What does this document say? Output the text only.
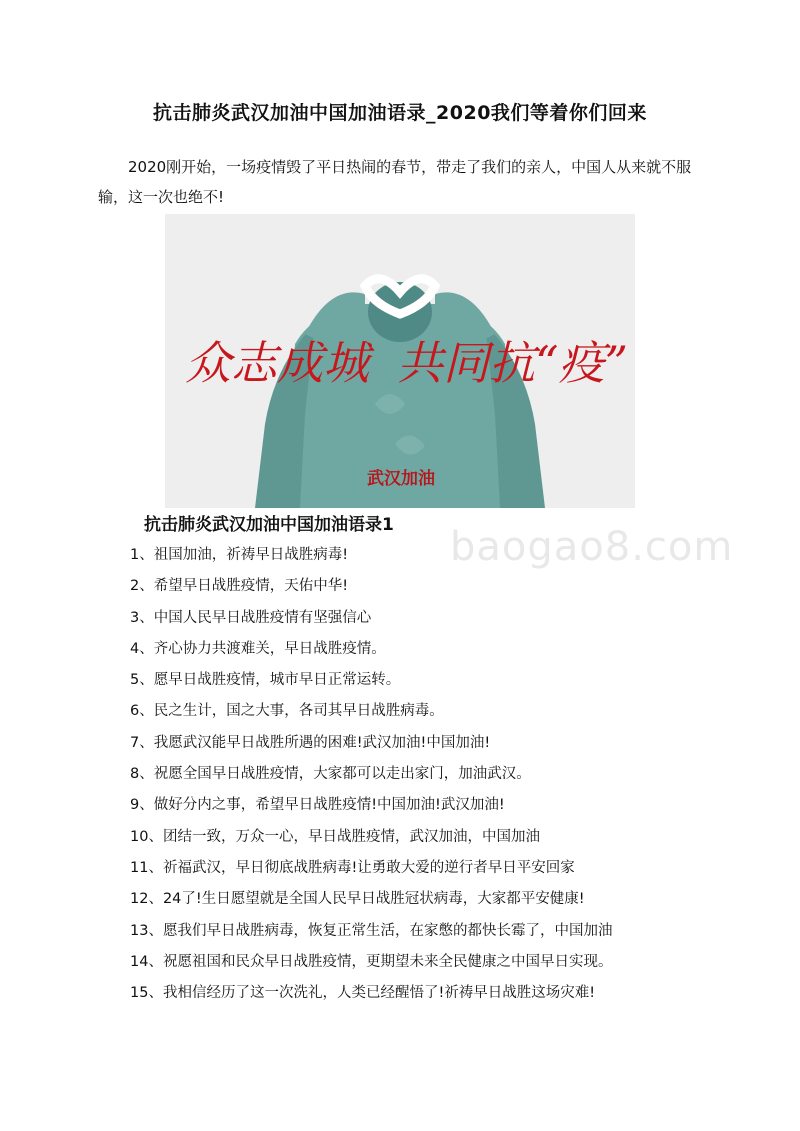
抗击肺炎武汉加油中国加油语录_2020我们等着你们回来
2020刚开始，一场疫情毁了平日热闹的春节，带走了我们的亲人，中国人从来就不服输，这一次也绝不!
众志成城 共同抗“疫”
武汉加油
baogao8.com
抗击肺炎武汉加油中国加油语录1
1、祖国加油，祈祷早日战胜病毒!
2、希望早日战胜疫情，天佑中华!
3、中国人民早日战胜疫情有坚强信心
4、齐心协力共渡难关，早日战胜疫情。
5、愿早日战胜疫情，城市早日正常运转。
6、民之生计，国之大事，各司其早日战胜病毒。
7、我愿武汉能早日战胜所遇的困难!武汉加油!中国加油!
8、祝愿全国早日战胜疫情，大家都可以走出家门，加油武汉。
9、做好分内之事，希望早日战胜疫情!中国加油!武汉加油!
10、团结一致，万众一心，早日战胜疫情，武汉加油，中国加油
11、祈福武汉，早日彻底战胜病毒!让勇敢大爱的逆行者早日平安回家
12、24了!生日愿望就是全国人民早日战胜冠状病毒，大家都平安健康!
13、愿我们早日战胜病毒，恢复正常生活，在家憋的都快长霉了，中国加油
14、祝愿祖国和民众早日战胜疫情，更期望未来全民健康之中国早日实现。
15、我相信经历了这一次洗礼，人类已经醒悟了!祈祷早日战胜这场灾难!
